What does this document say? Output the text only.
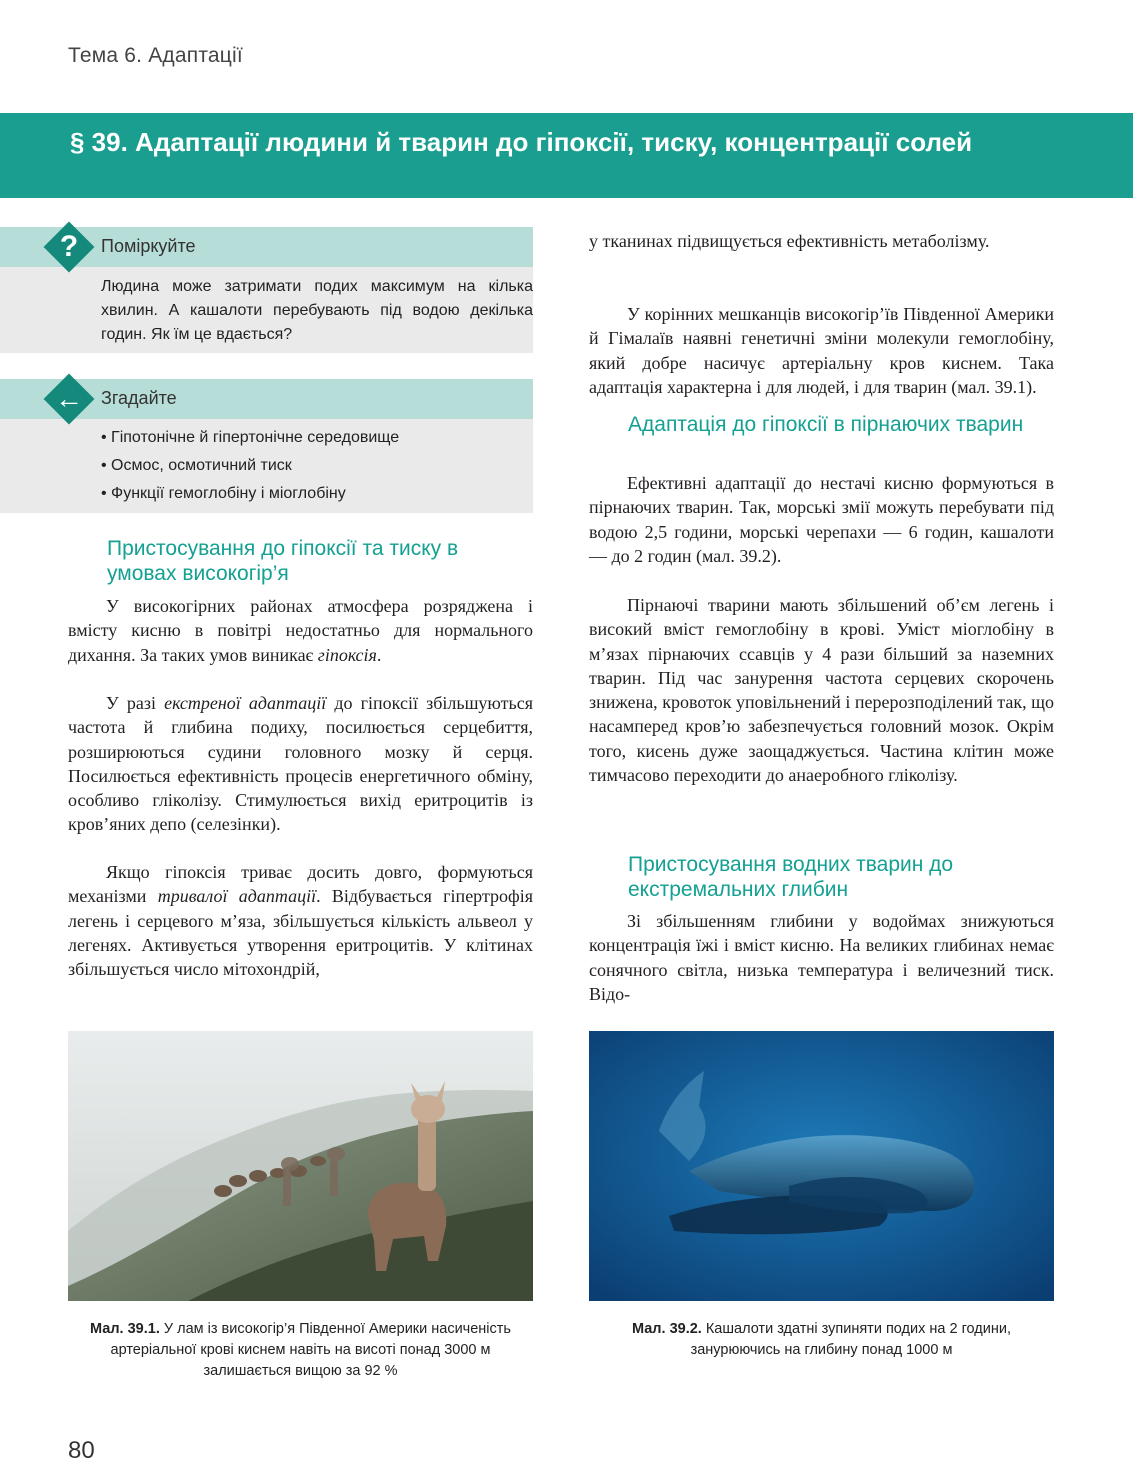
Тема 6. Адаптації
§ 39. Адаптації людини й тварин до гіпоксії, тиску, концентрації солей
?	Поміркуйте
Людина може затримати подих максимум на кілька хвилин. А кашалоти перебувають під водою декілька годин. Як їм це вдається?
←	Згадайте
• Гіпотонічне й гіпертонічне середовище
• Осмос, осмотичний тиск
• Функції гемоглобіну і міоглобіну
Пристосування до гіпоксії та тиску в умовах високогір’я

У високогірних районах атмосфера розряджена і вмісту кисню в повітрі недостатньо для нормального дихання. За таких умов виникає гіпоксія.

У разі екстреної адаптації до гіпоксії збільшуються частота й глибина подиху, посилюється серцебиття, розширюються судини головного мозку й серця. Посилюється ефективність процесів енергетичного обміну, особливо гліколізу. Стимулюється вихід еритроцитів із кров’яних депо (селезінки).

Якщо гіпоксія триває досить довго, формуються механізми тривалої адаптації. Відбувається гіпертрофія легень і серцевого м’яза, збільшується кількість альвеол у легенях. Активується утворення еритроцитів. У клітинах збільшується число мітохондрій,

у тканинах підвищується ефективність метаболізму.

У корінних мешканців високогір’їв Південної Америки й Гімалаїв наявні генетичні зміни молекули гемоглобіну, який добре насичує артеріальну кров киснем. Така адаптація характерна і для людей, і для тварин (мал. 39.1).

Адаптація до гіпоксії в пірнаючих тварин

Ефективні адаптації до нестачі кисню формуються в пірнаючих тварин. Так, морські змії можуть перебувати під водою 2,5 години, морські черепахи — 6 годин, кашалоти — до 2 годин (мал. 39.2).

Пірнаючі тварини мають збільшений об’єм легень і високий вміст гемоглобіну в крові. Уміст міоглобіну в м’язах пірнаючих ссавців у 4 рази більший за наземних тварин. Під час занурення частота серцевих скорочень знижена, кровоток уповільнений і перерозподілений так, що насамперед кров’ю забезпечується головний мозок. Окрім того, кисень дуже заощаджується. Частина клітин може тимчасово переходити до анаеробного гліколізу.

Пристосування водних тварин до екстремальних глибин

Зі збільшенням глибини у водоймах знижуються концентрація їжі і вміст кисню. На великих глибинах немає сонячного світла, низька температура і величезний тиск. Відо-

Мал. 39.1. У лам із високогір’я Південної Америки насиченість артеріальної крові киснем навіть на висоті понад 3000 м залишається вищою за 92 %
Мал. 39.2. Кашалоти здатні зупиняти подих на 2 години, занурюючись на глибину понад 1000 м
80
